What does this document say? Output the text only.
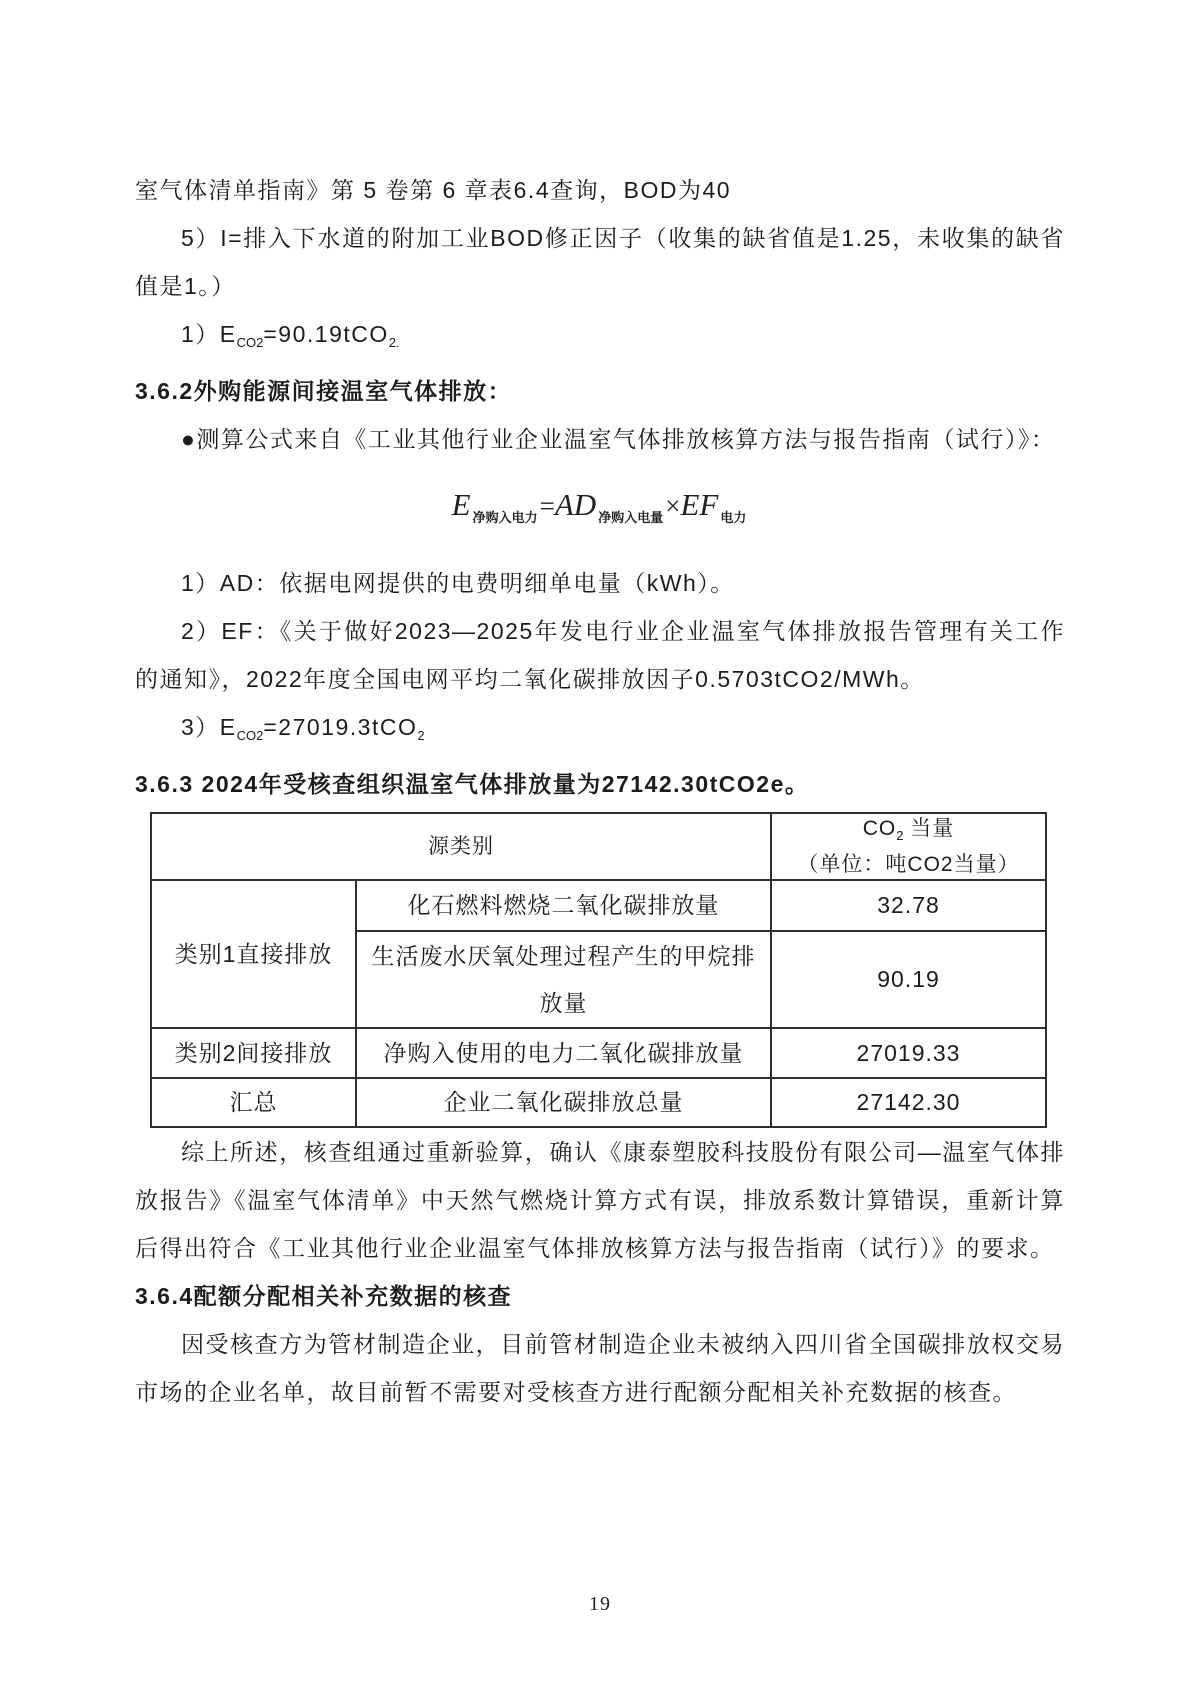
室气体清单指南》第 5 卷第 6 章表6.4查询，BOD为40

5）I=排入下水道的附加工业BOD修正因子（收集的缺省值是1.25，未收集的缺省值是1。）

$1)E_{CO2}=90.19tCO_{2.}$

3.6.2外购能源间接温室气体排放：

●测算公式来自《工业其他行业企业温室气体排放核算方法与报告指南（试行）》：

E $_{净购入电力}$=AD $_{净购入电量}$×EF $_{电力}$

1）AD：依据电网提供的电费明细单电量（kWh）。

2）EF：《关于做好2023—2025年发电行业企业温室气体排放报告管理有关工作的通知》，2022年度全国电网平均二氧化碳排放因子0.5703tCO2/MWh。

$3)E_{CO2}=27019.3tCO_2$

3.6.3 2024年受核查组织温室气体排放量为27142.30tCO2e。
源类别		$CO_2$ 当量
（单位：吨CO2当量）
类别1直接排放	化石燃料燃烧二氧化碳排放量	32.78
	生活废水厌氧处理过程产生的甲烷排放量	90.19
类别2间接排放	净购入使用的电力二氧化碳排放量	27019.33
汇总	企业二氧化碳排放总量	27142.30

综上所述，核查组通过重新验算，确认《康泰塑胶科技股份有限公司—温室气体排放报告》《温室气体清单》中天然气燃烧计算方式有误，排放系数计算错误，重新计算后得出符合《工业其他行业企业温室气体排放核算方法与报告指南（试行）》的要求。

3.6.4配额分配相关补充数据的核查

因受核查方为管材制造企业，目前管材制造企业未被纳入四川省全国碳排放权交易市场的企业名单，故目前暂不需要对受核查方进行配额分配相关补充数据的核查。

19
